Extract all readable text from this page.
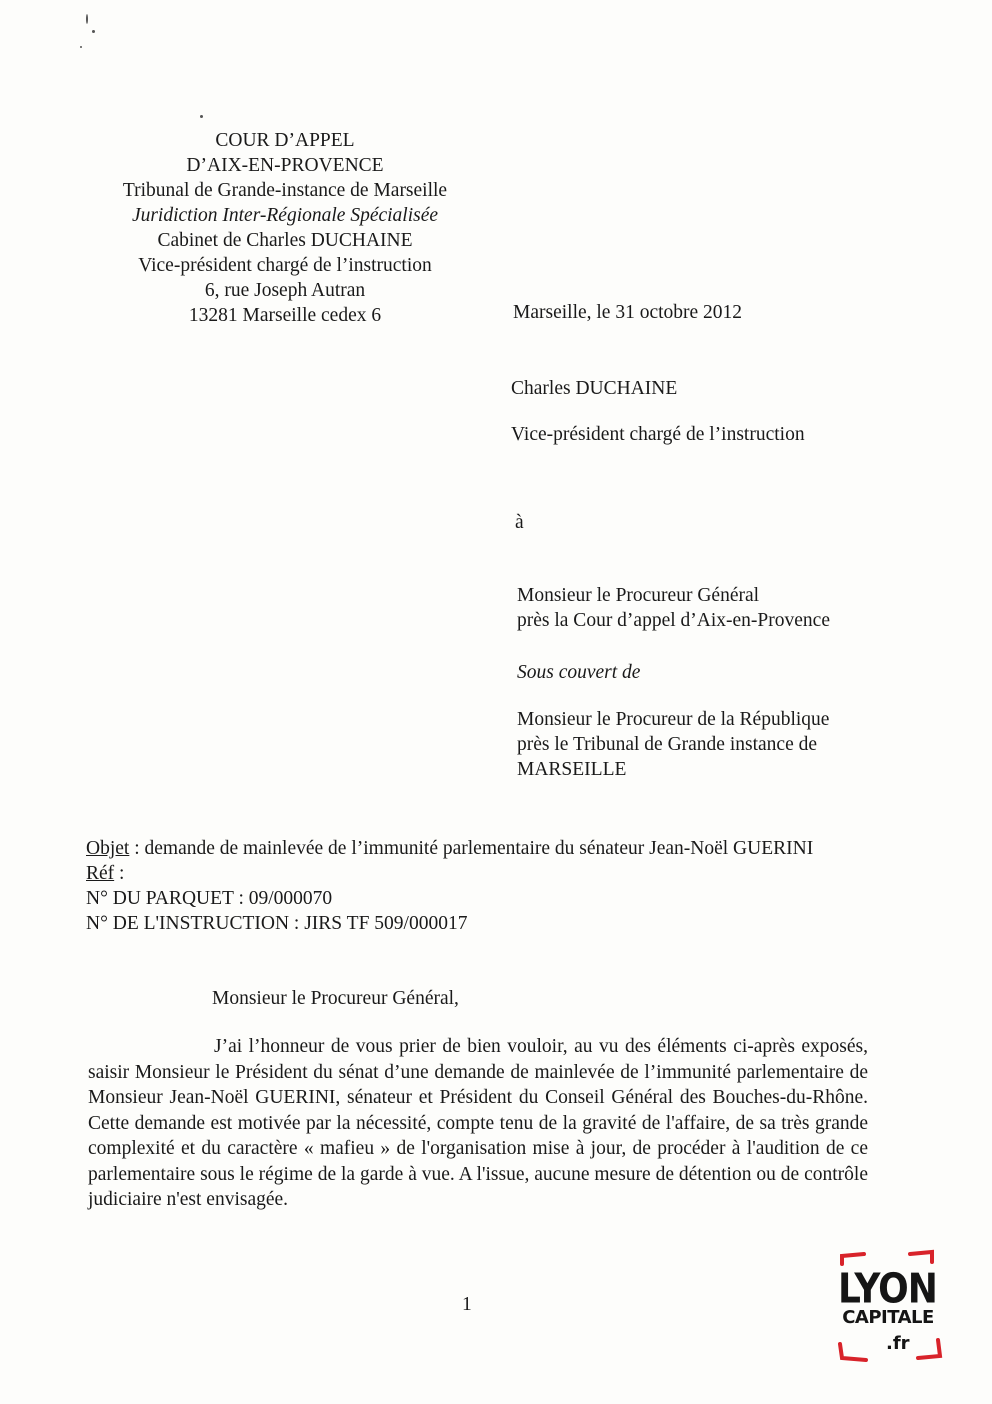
COUR D’APPEL
D’AIX-EN-PROVENCE
Tribunal de Grande-instance de Marseille
Juridiction Inter-Régionale Spécialisée
Cabinet de Charles DUCHAINE
Vice-président chargé de l’instruction
6, rue Joseph Autran
13281 Marseille cedex 6	Marseille, le 31 octobre 2012
Charles DUCHAINE
Vice-président chargé de l’instruction
à
Monsieur le Procureur Général
près la Cour d’appel d’Aix-en-Provence
Sous couvert de
Monsieur le Procureur de la République
près le Tribunal de Grande instance de
MARSEILLE
Objet : demande de mainlevée de l’immunité parlementaire du sénateur Jean-Noël GUERINI
Réf :
N° DU PARQUET : 09/000070
N° DE L'INSTRUCTION : JIRS TF 509/000017
Monsieur le Procureur Général,

J’ai l’honneur de vous prier de bien vouloir, au vu des éléments ci-après exposés, saisir Monsieur le Président du sénat d’une demande de mainlevée de l’immunité parlementaire de Monsieur Jean-Noël GUERINI, sénateur et Président du Conseil Général des Bouches-du-Rhône. Cette demande est motivée par la nécessité, compte tenu de la gravité de l'affaire, de sa très grande complexité et du caractère « mafieu » de l'organisation mise à jour, de procéder à l'audition de ce parlementaire sous le régime de la garde à vue. A l'issue, aucune mesure de détention ou de contrôle judiciaire n'est envisagée.

1	LYON
CAPITALE
.fr
